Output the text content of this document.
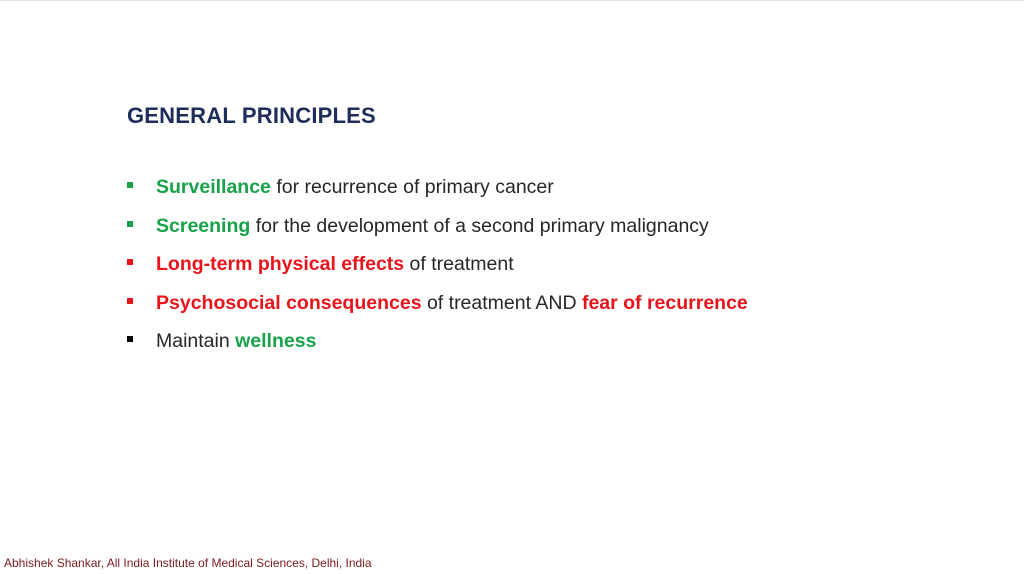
GENERAL PRINCIPLES
Surveillance for recurrence of primary cancer
Screening for the development of a second primary malignancy
Long-term physical effects of treatment
Psychosocial consequences of treatment AND fear of recurrence
Maintain wellness
Abhishek Shankar, All India Institute of Medical Sciences, Delhi, India
